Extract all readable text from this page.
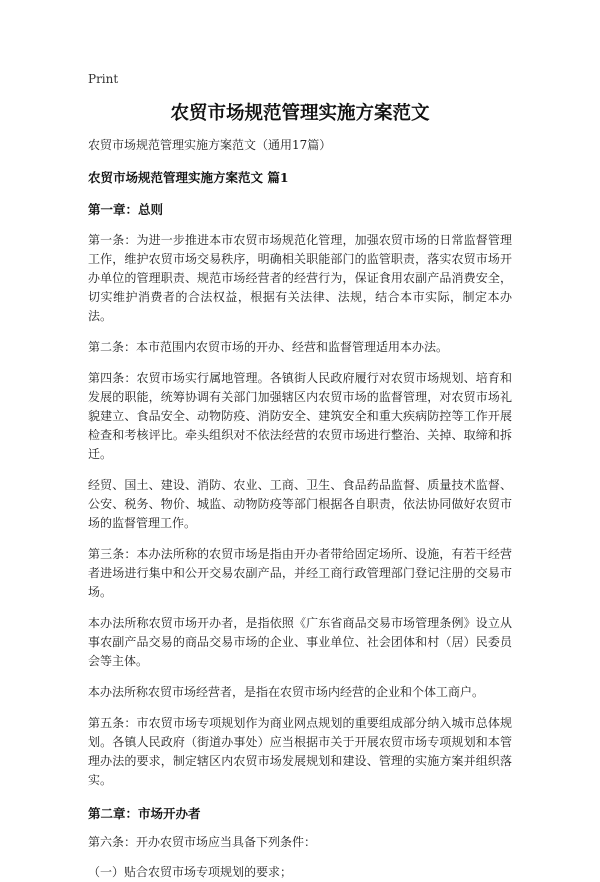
Print
农贸市场规范管理实施方案范文
农贸市场规范管理实施方案范文（通用17篇）
农贸市场规范管理实施方案范文 篇1
第一章：总则
第一条：为进一步推进本市农贸市场规范化管理，加强农贸市场的日常监督管理工作，维护农贸市场交易秩序，明确相关职能部门的监管职责，落实农贸市场开办单位的管理职责、规范市场经营者的经营行为，保证食用农副产品消费安全，切实维护消费者的合法权益，根据有关法律、法规，结合本市实际，制定本办法。
第二条：本市范围内农贸市场的开办、经营和监督管理适用本办法。
第四条：农贸市场实行属地管理。各镇街人民政府履行对农贸市场规划、培育和发展的职能，统筹协调有关部门加强辖区内农贸市场的监督管理，对农贸市场礼貌建立、食品安全、动物防疫、消防安全、建筑安全和重大疾病防控等工作开展检查和考核评比。牵头组织对不依法经营的农贸市场进行整治、关掉、取缔和拆迁。
经贸、国土、建设、消防、农业、工商、卫生、食品药品监督、质量技术监督、公安、税务、物价、城监、动物防疫等部门根据各自职责，依法协同做好农贸市场的监督管理工作。
第三条：本办法所称的农贸市场是指由开办者带给固定场所、设施，有若干经营者进场进行集中和公开交易农副产品，并经工商行政管理部门登记注册的交易市场。
本办法所称农贸市场开办者，是指依照《广东省商品交易市场管理条例》设立从事农副产品交易的商品交易市场的企业、事业单位、社会团体和村（居）民委员会等主体。
本办法所称农贸市场经营者，是指在农贸市场内经营的企业和个体工商户。
第五条：市农贸市场专项规划作为商业网点规划的重要组成部分纳入城市总体规划。各镇人民政府（街道办事处）应当根据市关于开展农贸市场专项规划和本管理办法的要求，制定辖区内农贸市场发展规划和建设、管理的实施方案并组织落实。
第二章：市场开办者
第六条：开办农贸市场应当具备下列条件：
（一）贴合农贸市场专项规划的要求；
